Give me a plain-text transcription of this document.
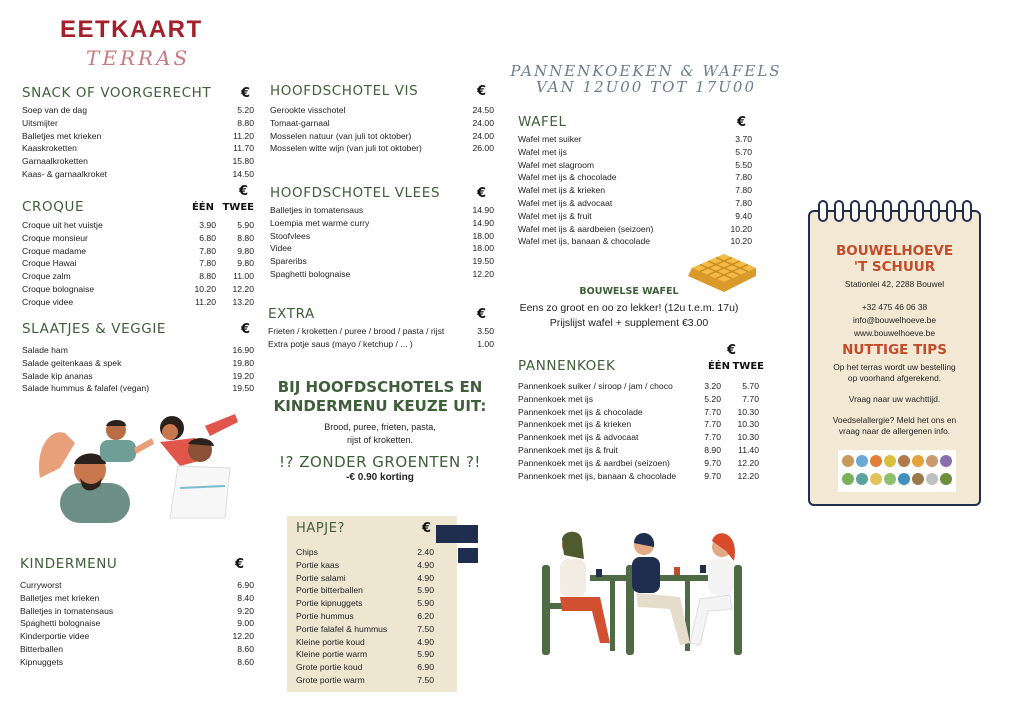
EETKAART
TERRAS
SNACK OF VOORGERECHT €
Soep van de dag	5.20
Uitsmijter	8.80
Balletjes met krieken	11.20
Kaaskroketten	11.70
Garnaalkroketten	15.80
Kaas- & garnaalkroket	14.50
€
CROQUE	ÉÉN TWEE
Croque uit het vuistje	3.90	5.90
Croque monsieur	6.80	8.80
Croque madame	7.80	9.80
Croque Hawai	7.80	9.80
Croque zalm	8.80	11.00
Croque bolognaise	10.20	12.20
Croque videe	11.20	13.20
SLAATJES & VEGGIE	€
Salade ham	16.90
Salade geitenkaas & spek	19.80
Salade kip ananas	19.20
Salade hummus & falafel (vegan)	19.50
KINDERMENU	€
Curryworst	6.90
Balletjes met krieken	8.40
Balletjes in tomatensaus	9.20
Spaghetti bolognaise	9.00
Kinderportie videe	12.20
Bitterballen	8.60
Kipnuggets	8.60
HOOFDSCHOTEL VIS	€
Gerookte visschotel	24.50
Tomaat-garnaal	24.00
Mosselen natuur (van juli tot oktober)	24.00
Mosselen witte wijn (van juli tot oktober)	26.00
HOOFDSCHOTEL VLEES	€
Balletjes in tomatensaus	14.90
Loempia met warme curry	14.90
Stoofvlees	18.00
Videe	18.00
Spareribs	19.50
Spaghetti bolognaise	12.20
EXTRA	€
Frieten / kroketten / puree / brood / pasta / rijst	3.50
Extra potje saus (mayo / ketchup / ... )	1.00
BIJ HOOFDSCHOTELS EN
KINDERMENU KEUZE UIT:
Brood, puree, frieten, pasta,
rijst of kroketten.
!? ZONDER GROENTEN ?!
-€ 0.90 korting
HAPJE?	€
Chips	2.40
Portie kaas	4.90
Portie salami	4.90
Portie bitterballen	5.90
Portie kipnuggets	5.90
Portie hummus	6.20
Portie falafel & hummus	7.50
Kleine portie koud	4.90
Kleine portie warm	5.90
Grote portie koud	6.90
Grote portie warm	7.50
PANNENKOEKEN & WAFELS
VAN 12U00 TOT 17U00
WAFEL	€
Wafel met suiker	3.70
Wafel met ijs	5.70
Wafel met slagroom	5.50
Wafel met ijs & chocolade	7.80
Wafel met ijs & krieken	7.80
Wafel met ijs & advocaat	7.80
Wafel met ijs & fruit	9.40
Wafel met ijs & aardbeien (seizoen)	10.20
Wafel met ijs, banaan & chocolade	10.20
BOUWELSE WAFEL
Eens zo groot en oo zo lekker! (12u t.e.m. 17u)
Prijslijst wafel + supplement €3.00
€
PANNENKOEK	ÉÉN TWEE
Pannenkoek suiker / siroop / jam / choco	3.20	5.70
Pannenkoek met ijs	5.20	7.70
Pannenkoek met ijs & chocolade	7.70	10.30
Pannenkoek met ijs & krieken	7.70	10.30
Pannenkoek met ijs & advocaat	7.70	10.30
Pannenkoek met ijs & fruit	8.90	11.40
Pannenkoek met ijs & aardbei (seizoen)	9.70	12.20
Pannenkoek met ijs, banaan & chocolade	9.70	12.20
BOUWELHOEVE
'T SCHUUR
Stationlei 42, 2288 Bouwel
+32 475 46 06 38
info@bouwelhoeve.be
www.bouwelhoeve.be
NUTTIGE TIPS
Op het terras wordt uw bestelling
op voorhand afgerekend.
Vraag naar uw wachttijd.
Voedselallergie? Meld het ons en
vraag naar de allergenen info.
